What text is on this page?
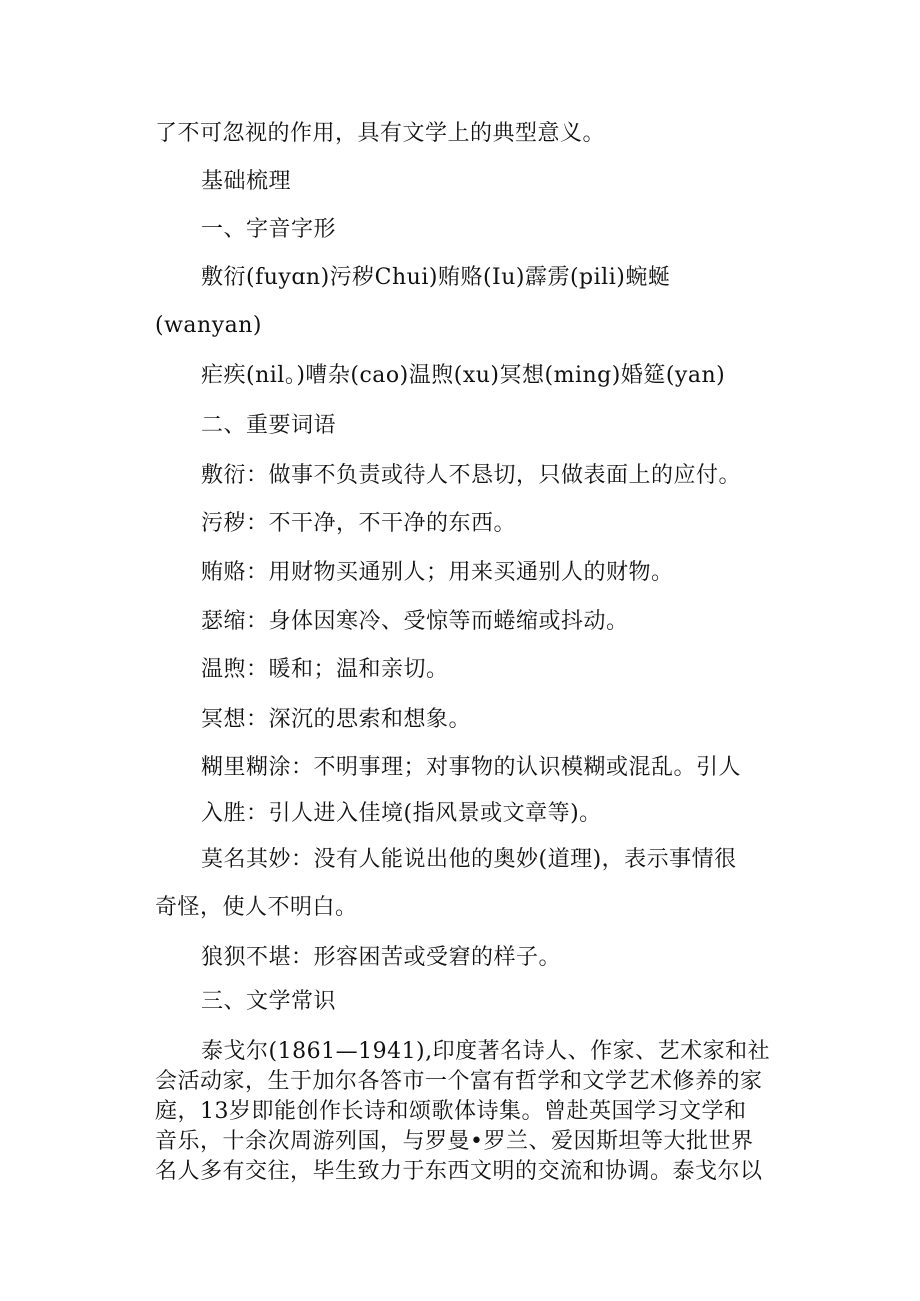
了不可忽视的作用，具有文学上的典型意义。
基础梳理
一、字音字形
敷衍(fuyɑn)污秽Chui)贿赂(Iu)霹雳(pili)蜿蜒
(wanyan)
疟疾(nil。)嘈杂(cao)温煦(xu)冥想(ming)婚筵(yan)
二、重要词语
敷衍：做事不负责或待人不恳切，只做表面上的应付。
污秽：不干净，不干净的东西。
贿赂：用财物买通别人；用来买通别人的财物。
瑟缩：身体因寒冷、受惊等而蜷缩或抖动。
温煦：暖和；温和亲切。
冥想：深沉的思索和想象。
糊里糊涂：不明事理；对事物的认识模糊或混乱。引人
入胜：引人进入佳境(指风景或文章等)。
莫名其妙：没有人能说出他的奥妙(道理)，表示事情很
奇怪，使人不明白。
狼狈不堪：形容困苦或受窘的样子。
三、文学常识
泰戈尔(1861—1941),印度著名诗人、作家、艺术家和社
会活动家，生于加尔各答市一个富有哲学和文学艺术修养的家
庭，13岁即能创作长诗和颂歌体诗集。曾赴英国学习文学和
音乐，十余次周游列国，与罗曼•罗兰、爱因斯坦等大批世界
名人多有交往，毕生致力于东西文明的交流和协调。泰戈尔以
